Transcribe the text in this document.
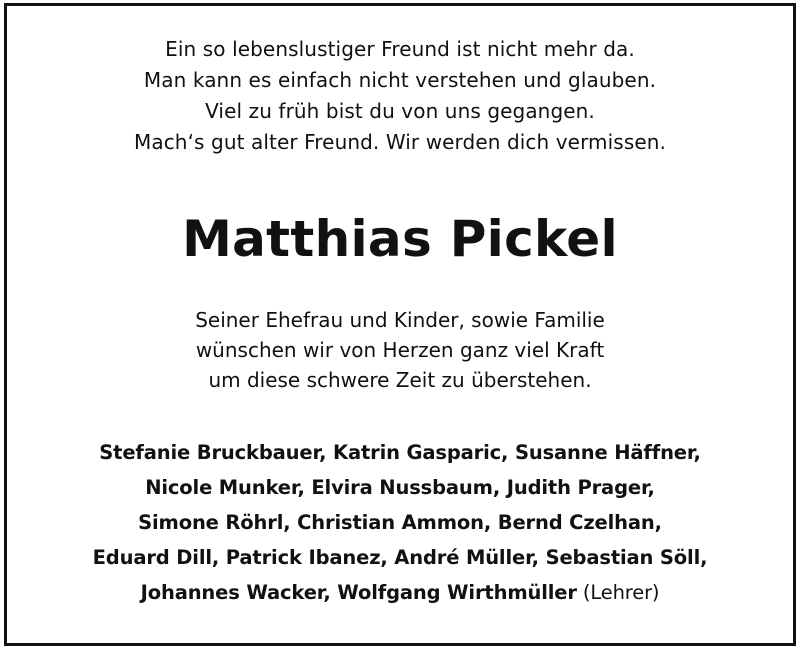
Ein so lebenslustiger Freund ist nicht mehr da.
Man kann es einfach nicht verstehen und glauben.
Viel zu früh bist du von uns gegangen.
Mach‘s gut alter Freund. Wir werden dich vermissen.
Matthias Pickel
Seiner Ehefrau und Kinder, sowie Familie
wünschen wir von Herzen ganz viel Kraft
um diese schwere Zeit zu überstehen.
Stefanie Bruckbauer, Katrin Gasparic, Susanne Häffner,
Nicole Munker, Elvira Nussbaum, Judith Prager,
Simone Röhrl, Christian Ammon, Bernd Czelhan,
Eduard Dill, Patrick Ibanez, André Müller, Sebastian Söll,
Johannes Wacker, Wolfgang Wirthmüller (Lehrer)
